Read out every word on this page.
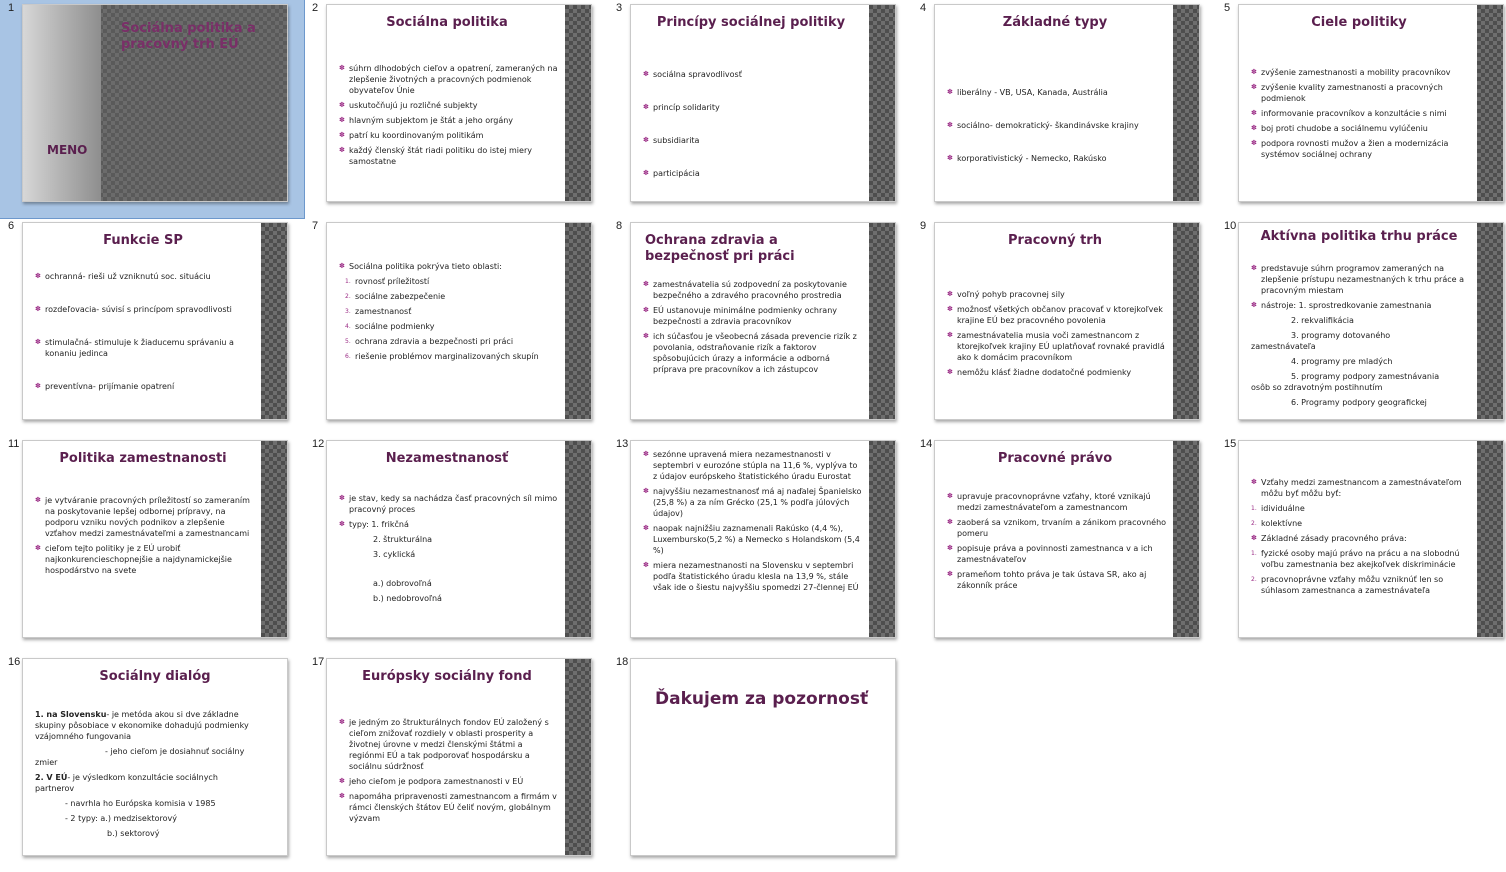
1
Sociálna politika a pracovný trh EÚ
MENO
2
Sociálna politika
✽ súhrn dlhodobých cieľov a opatrení, zameraných na zlepšenie životných a pracovných podmienok obyvateľov Únie
✽ uskutočňujú ju rozličné subjekty
✽ hlavným subjektom je štát a jeho orgány
✽ patrí ku koordinovaným politikám
✽ každý členský štát riadi politiku do istej miery samostatne
3
Princípy sociálnej politiky
✽ sociálna spravodlivosť
✽ princíp solidarity
✽ subsidiarita
✽ participácia
4
Základné typy
✽ liberálny - VB, USA, Kanada, Austrália
✽ sociálno- demokratický- škandinávske krajiny
✽ korporativistický - Nemecko, Rakúsko
5
Ciele politiky
✽ zvýšenie zamestnanosti a mobility pracovníkov
✽ zvýšenie kvality zamestnanosti a pracovných podmienok
✽ informovanie pracovníkov a konzultácie s nimi
✽ boj proti chudobe a sociálnemu vylúčeniu
✽ podpora rovnosti mužov a žien a modernizácia systémov sociálnej ochrany
6
Funkcie SP
✽ ochranná- rieši už vzniknutú soc. situáciu
✽ rozdeľovacia- súvisí s princípom spravodlivosti
✽ stimulačná- stimuluje k žiaducemu správaniu a konaniu jedinca
✽ preventívna- prijímanie opatrení
7
✽ Sociálna politika pokrýva tieto oblasti:
1. rovnosť príležitostí
2. sociálne zabezpečenie
3. zamestnanosť
4. sociálne podmienky
5. ochrana zdravia a bezpečnosti pri práci
6. riešenie problémov marginalizovaných skupín
8
Ochrana zdravia a bezpečnosť pri práci
✽ zamestnávatelia sú zodpovední za poskytovanie bezpečného a zdravého pracovného prostredia
✽ EÚ ustanovuje minimálne podmienky ochrany bezpečnosti a zdravia pracovníkov
✽ ich súčasťou je všeobecná zásada prevencie rizík z povolania, odstraňovanie rizík a faktorov spôsobujúcich úrazy a informácie a odborná príprava pre pracovníkov a ich zástupcov
9
Pracovný trh
✽ voľný pohyb pracovnej sily
✽ možnosť všetkých občanov pracovať v ktorejkoľvek krajine EÚ bez pracovného povolenia
✽ zamestnávatelia musia voči zamestnancom z ktorejkoľvek krajiny EÚ uplatňovať rovnaké pravidlá ako k domácim pracovníkom
✽ nemôžu klásť žiadne dodatočné podmienky
10
Aktívna politika trhu práce
✽ predstavuje súhrn programov zameraných na zlepšenie prístupu nezamestnaných k trhu práce a pracovným miestam
✽ nástroje: 1. sprostredkovanie zamestnania
2. rekvalifikácia
3. programy dotovaného
zamestnávateľa
4. programy pre mladých
5. programy podpory zamestnávania
osôb so zdravotným postihnutím
6. Programy podpory geografickej
11
Politika zamestnanosti
✽ je vytváranie pracovných príležitostí so zameraním na poskytovanie lepšej odbornej prípravy, na podporu vzniku nových podnikov a zlepšenie vzťahov medzi zamestnávateľmi a zamestnancami
✽ cieľom tejto politiky je z EÚ urobiť najkonkurencieschopnejšie a najdynamickejšie hospodárstvo na svete
12
Nezamestnanosť
✽ je stav, kedy sa nachádza časť pracovných síl mimo pracovný proces
✽ typy: 1. frikčná
2. štrukturálna
3. cyklická
a.) dobrovoľná
b.) nedobrovoľná
13
✽ sezónne upravená miera nezamestnanosti v septembri v eurozóne stúpla na 11,6 %, vyplýva to z údajov európskeho štatistického úradu Eurostat
✽ najvyššiu nezamestnanosť má aj naďalej Španielsko (25,8 %) a za ním Grécko (25,1 % podľa júlových údajov)
✽ naopak najnižšiu zaznamenali Rakúsko (4,4 %), Luxembursko(5,2 %) a Nemecko s Holandskom (5,4 %)
✽ miera nezamestnanosti na Slovensku v septembri podľa štatistického úradu klesla na 13,9 %, stále však ide o šiestu najvyššiu spomedzi 27-člennej EÚ
14
Pracovné právo
✽ upravuje pracovnoprávne vzťahy, ktoré vznikajú medzi zamestnávateľom a zamestnancom
✽ zaoberá sa vznikom, trvaním a zánikom pracovného pomeru
✽ popisuje práva a povinnosti zamestnanca v a ich zamestnávateľov
✽ prameňom tohto práva je tak ústava SR, ako aj zákonník práce
15
✽ Vzťahy medzi zamestnancom a zamestnávateľom môžu byť môžu byť:
1. idividuálne
2. kolektívne
✽ Základné zásady pracovného práva:
1. fyzické osoby majú právo na prácu a na slobodnú voľbu zamestnania bez akejkoľvek diskriminácie
2. pracovnoprávne vzťahy môžu vzniknúť len so súhlasom zamestnanca a zamestnávateľa
16
Sociálny dialóg
1. na Slovensku- je metóda akou si dve základne skupiny pôsobiace v ekonomike dohadujú podmienky vzájomného fungovania
- jeho cieľom je dosiahnuť sociálny zmier
2. V EÚ- je výsledkom konzultácie sociálnych partnerov
- navrhla ho Európska komisia v 1985
- 2 typy: a.) medzisektorový
b.) sektorový
17
Európsky sociálny fond
✽ je jedným zo štrukturálnych fondov EÚ založený s cieľom znižovať rozdiely v oblasti prosperity a životnej úrovne v medzi členskými štátmi a regiónmi EÚ a tak podporovať hospodársku a sociálnu súdržnosť
✽ jeho cieľom je podpora zamestnanosti v EÚ
✽ napomáha pripravenosti zamestnancom a firmám v rámci členských štátov EÚ čeliť novým, globálnym výzvam
18
Ďakujem za pozornosť
